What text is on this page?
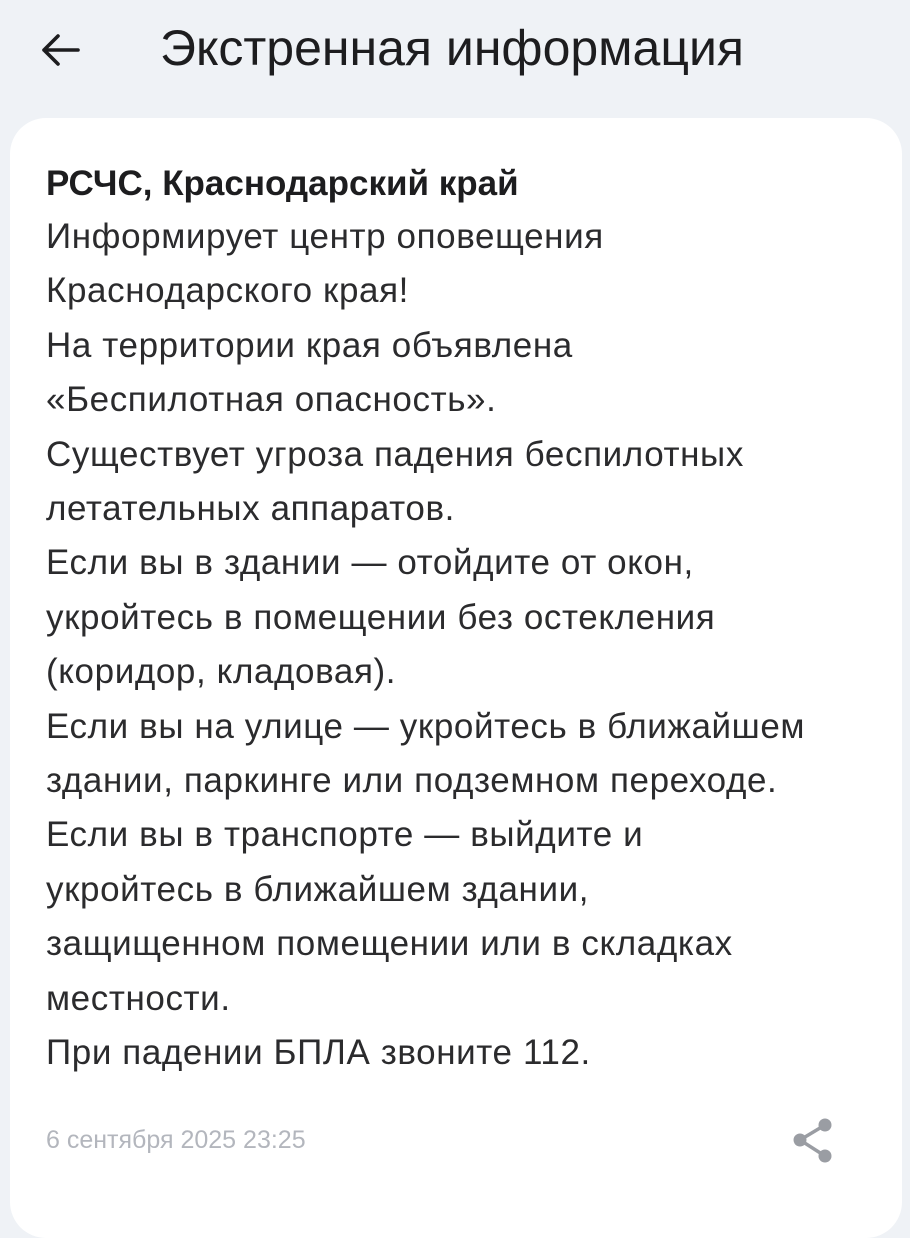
Экстренная информация
РСЧС, Краснодарский край
Информирует центр оповещения
Краснодарского края!
На территории края объявлена
«Беспилотная опасность».
Существует угроза падения беспилотных
летательных аппаратов.
Если вы в здании — отойдите от окон,
укройтесь в помещении без остекления
(коридор, кладовая).
Если вы на улице — укройтесь в ближайшем
здании, паркинге или подземном переходе.
Если вы в транспорте — выйдите и
укройтесь в ближайшем здании,
защищенном помещении или в складках
местности.
При падении БПЛА звоните 112.
6 сентября 2025 23:25
